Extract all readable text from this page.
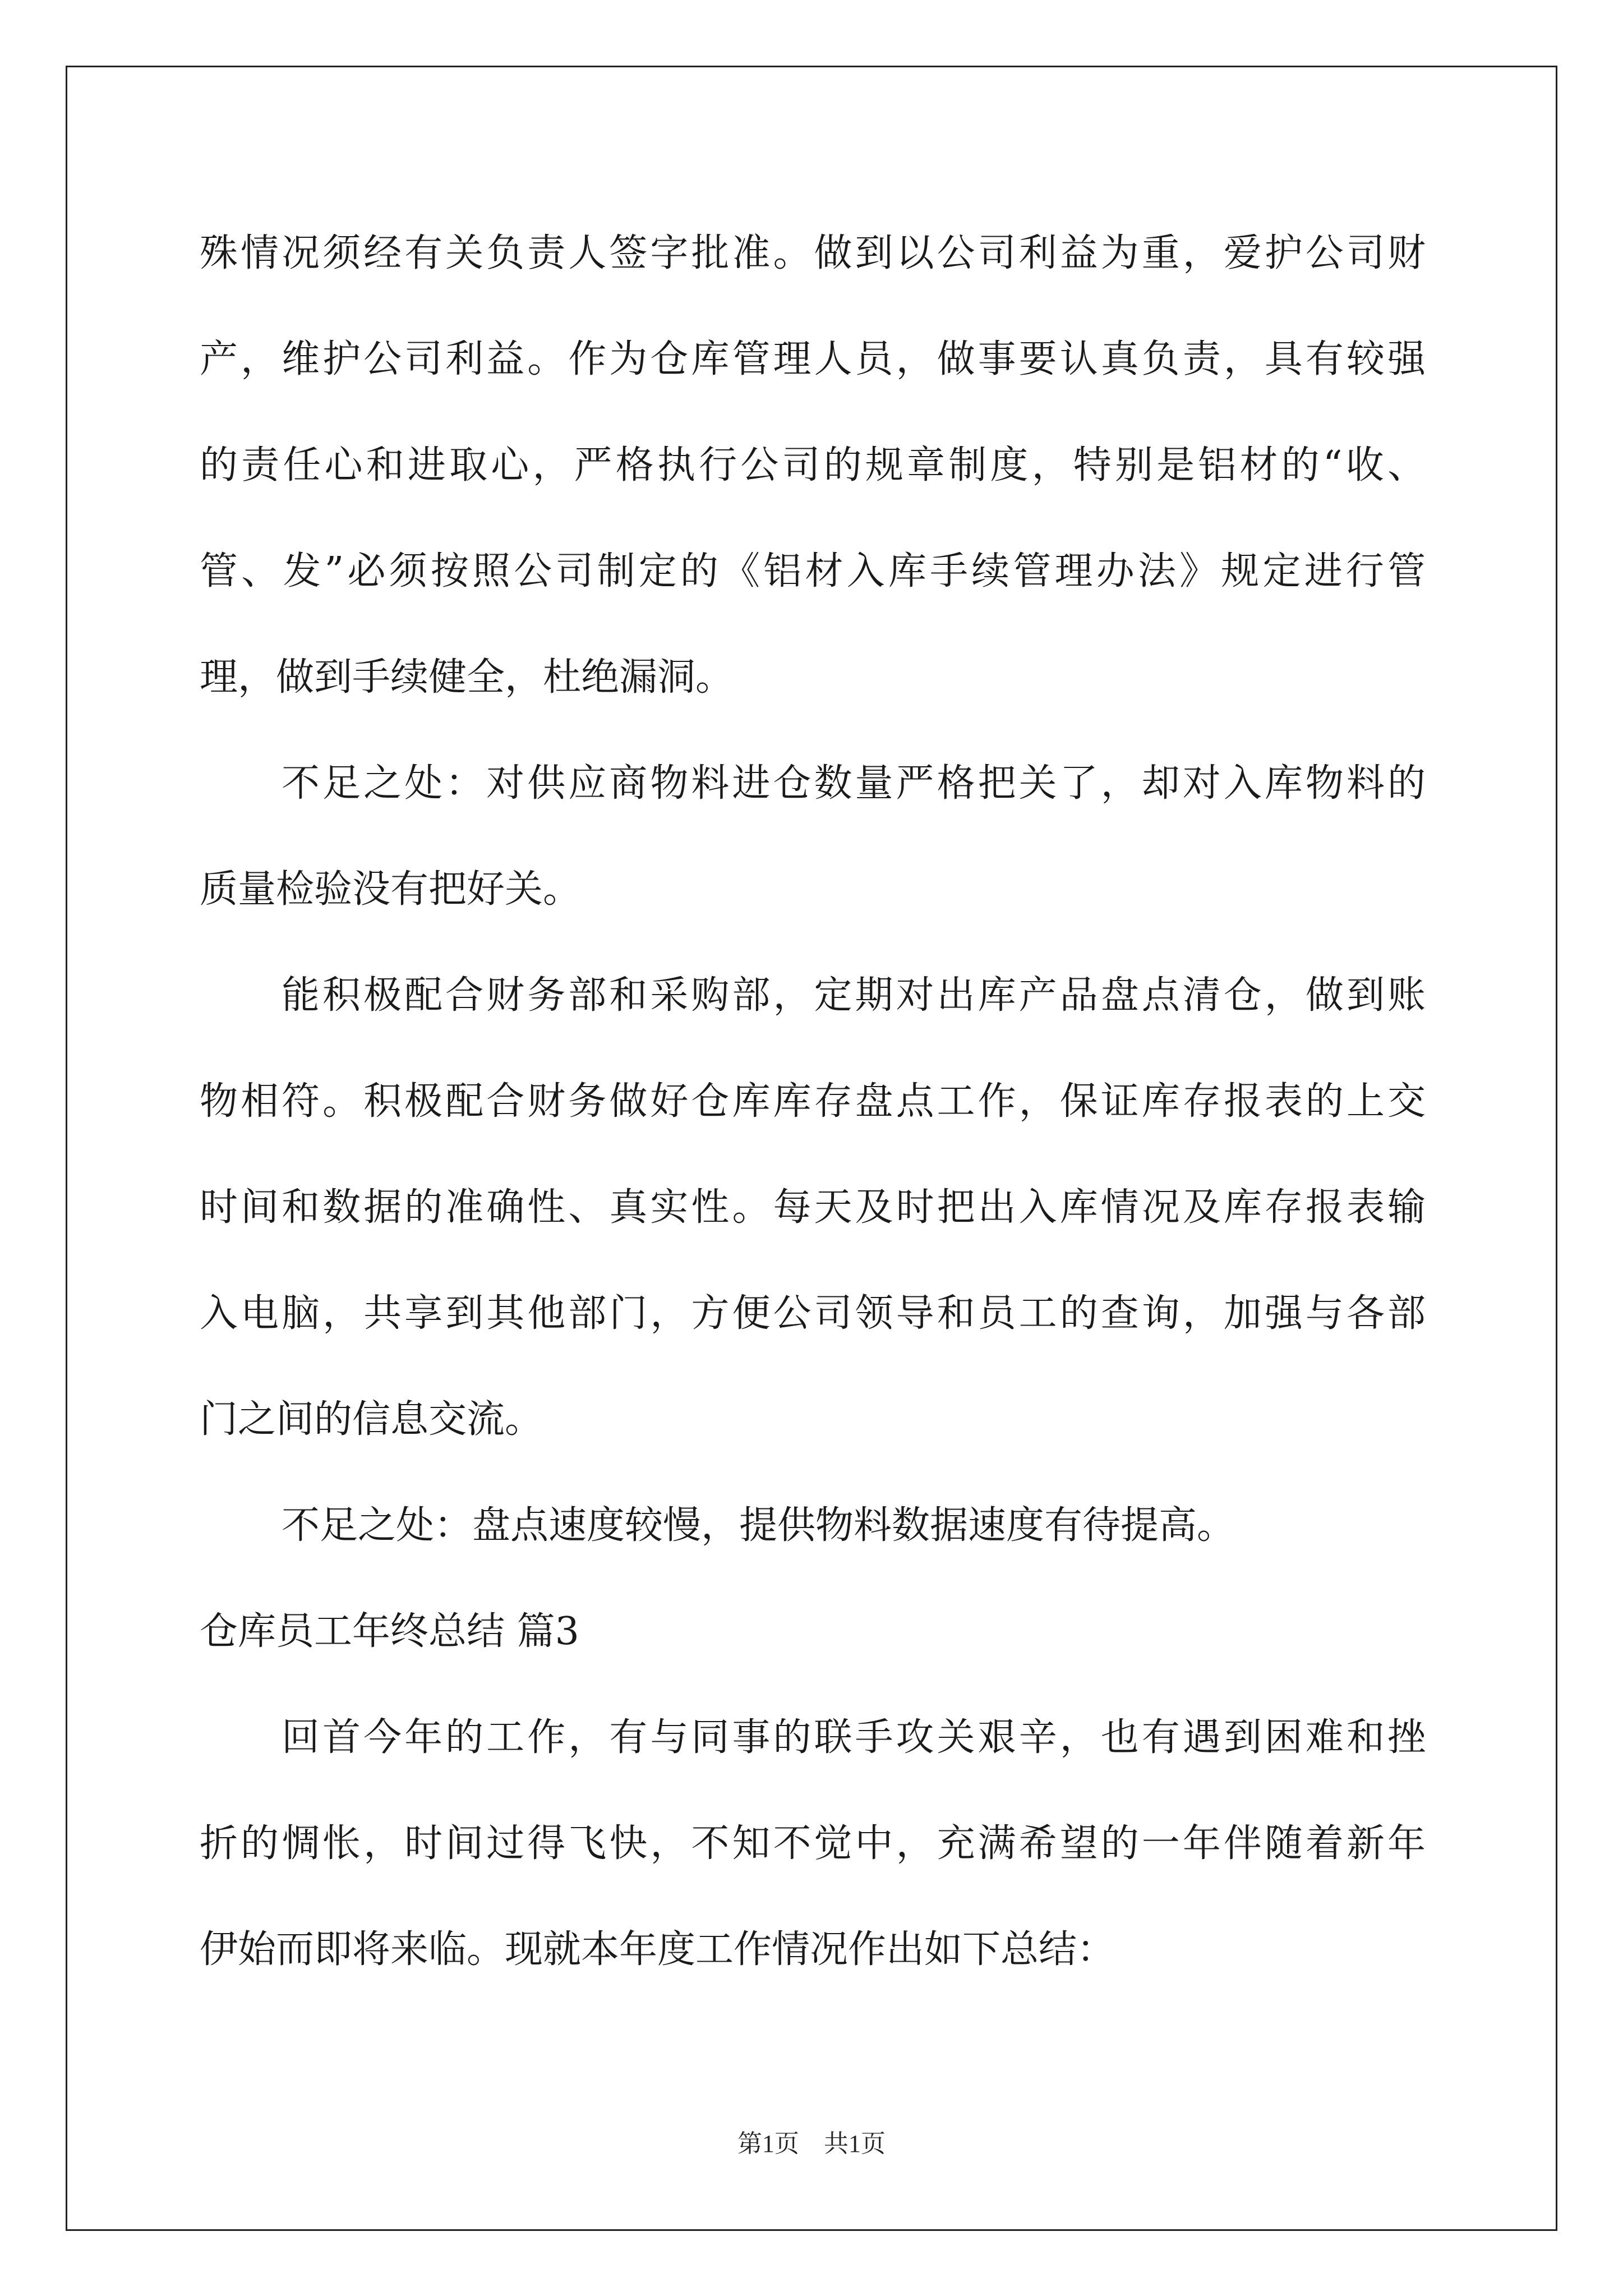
殊情况须经有关负责人签字批准。做到以公司利益为重，爱护公司财
产，维护公司利益。作为仓库管理人员，做事要认真负责，具有较强
的责任心和进取心，严格执行公司的规章制度，特别是铝材的“收、
管、发”必须按照公司制定的《铝材入库手续管理办法》规定进行管
理，做到手续健全，杜绝漏洞。
不足之处：对供应商物料进仓数量严格把关了，却对入库物料的
质量检验没有把好关。
能积极配合财务部和采购部，定期对出库产品盘点清仓，做到账
物相符。积极配合财务做好仓库库存盘点工作，保证库存报表的上交
时间和数据的准确性、真实性。每天及时把出入库情况及库存报表输
入电脑，共享到其他部门，方便公司领导和员工的查询，加强与各部
门之间的信息交流。
不足之处：盘点速度较慢，提供物料数据速度有待提高。
仓库员工年终总结 篇3
回首今年的工作，有与同事的联手攻关艰辛，也有遇到困难和挫
折的惆怅，时间过得飞快，不知不觉中，充满希望的一年伴随着新年
伊始而即将来临。现就本年度工作情况作出如下总结：
第1页　共1页
